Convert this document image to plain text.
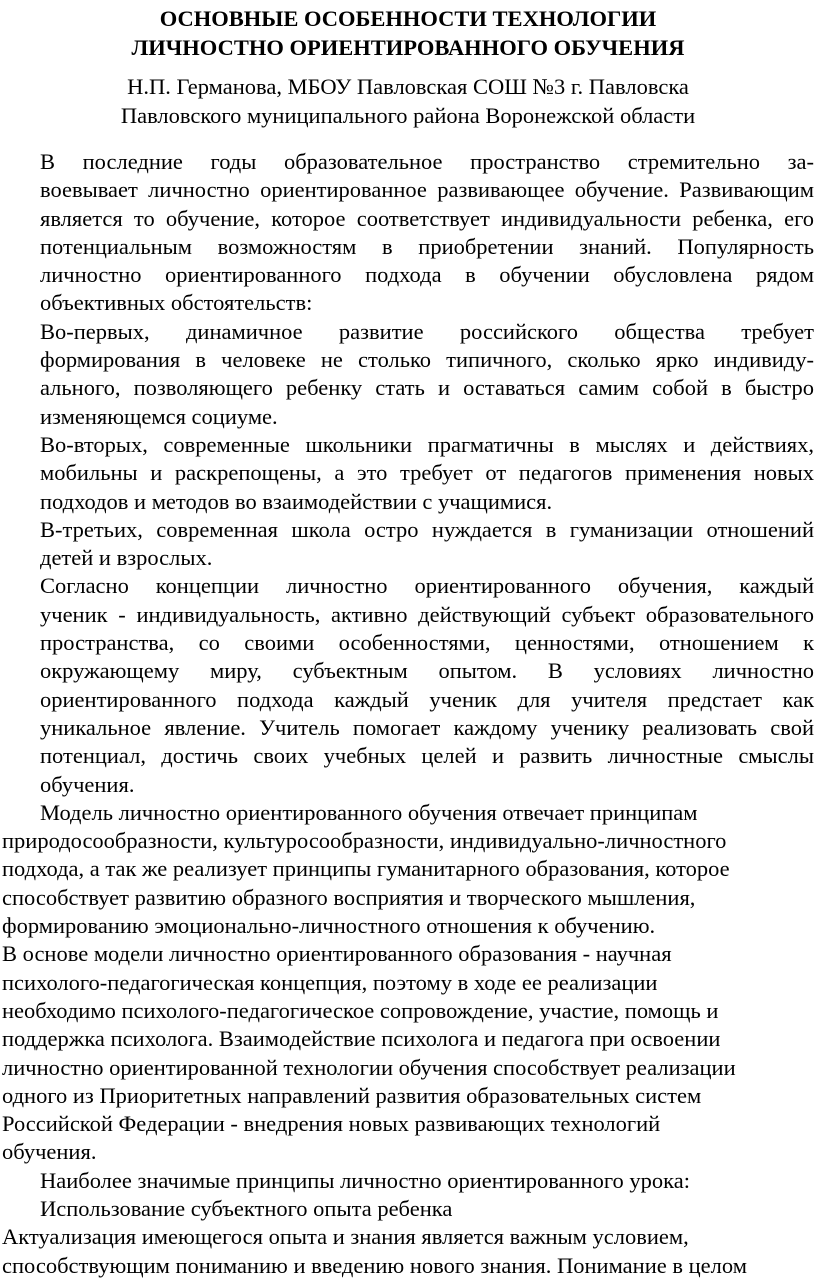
ОСНОВНЫЕ ОСОБЕННОСТИ ТЕХНОЛОГИИ
ЛИЧНОСТНО ОРИЕНТИРОВАННОГО ОБУЧЕНИЯ
Н.П. Германова, МБОУ Павловская СОШ №3 г. Павловска
Павловского муниципального района Воронежской области
В последние годы образовательное пространство стремительно за-
воевывает личностно ориентированное развивающее обучение. Развивающим
является то обучение, которое соответствует индивидуальности ребенка, его
потенциальным возможностям в приобретении знаний. Популярность
личностно ориентированного подхода в обучении обусловлена рядом
объективных обстоятельств:
Во-первых, динамичное развитие российского общества требует
формирования в человеке не столько типичного, сколько ярко индивиду-
ального, позволяющего ребенку стать и оставаться самим собой в быстро
изменяющемся социуме.
Во-вторых, современные школьники прагматичны в мыслях и действиях,
мобильны и раскрепощены, а это требует от педагогов применения новых
подходов и методов во взаимодействии с учащимися.
В-третьих, современная школа остро нуждается в гуманизации отношений
детей и взрослых.
Согласно концепции личностно ориентированного обучения, каждый
ученик - индивидуальность, активно действующий субъект образовательного
пространства, со своими особенностями, ценностями, отношением к
окружающему миру, субъектным опытом. В условиях личностно
ориентированного подхода каждый ученик для учителя предстает как
уникальное явление. Учитель помогает каждому ученику реализовать свой
потенциал, достичь своих учебных целей и развить личностные смыслы
обучения.
Модель личностно ориентированного обучения отвечает принципам
природосообразности, культуросообразности, индивидуально-личностного
подхода, а так же реализует принципы гуманитарного образования, которое
способствует развитию образного восприятия и творческого мышления,
формированию эмоционально-личностного отношения к обучению.
В основе модели личностно ориентированного образования - научная
психолого-педагогическая концепция, поэтому в ходе ее реализации
необходимо психолого-педагогическое сопровождение, участие, помощь и
поддержка психолога. Взаимодействие психолога и педагога при освоении
личностно ориентированной технологии обучения способствует реализации
одного из Приоритетных направлений развития образовательных систем
Российской Федерации - внедрения новых развивающих технологий
обучения.
Наиболее значимые принципы личностно ориентированного урока:
Использование субъектного опыта ребенка
Актуализация имеющегося опыта и знания является важным условием,
способствующим пониманию и введению нового знания. Понимание в целом
